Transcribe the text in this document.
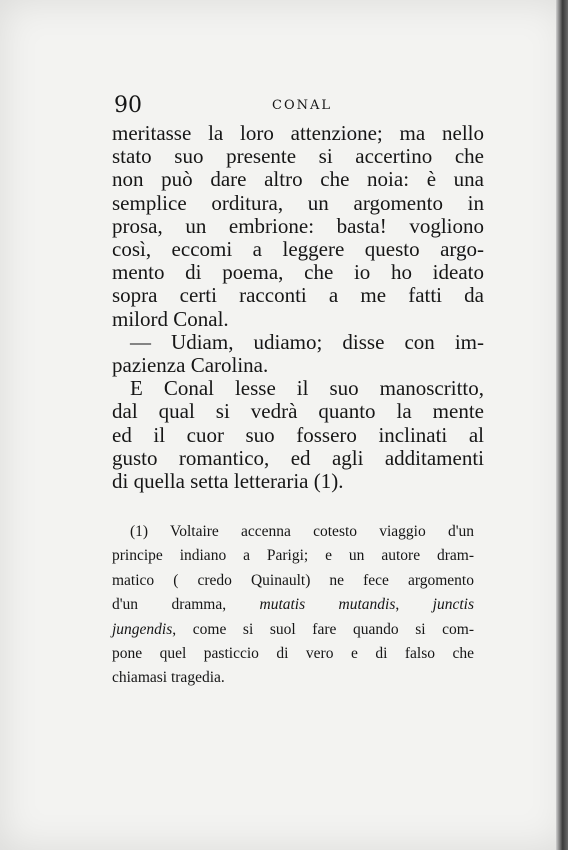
90	CONAL
meritasse la loro attenzione; ma nello
stato suo presente si accertino che
non può dare altro che noia: è una
semplice orditura, un argomento in
prosa, un embrione: basta! vogliono
così, eccomi a leggere questo argo-
mento di poema, che io ho ideato
sopra certi racconti a me fatti da
milord Conal.
— Udiam, udiamo; disse con im-
pazienza Carolina.
E Conal lesse il suo manoscritto,
dal qual si vedrà quanto la mente
ed il cuor suo fossero inclinati al
gusto romantico, ed agli additamenti
di quella setta letteraria (1).
(1) Voltaire accenna cotesto viaggio d'un
principe indiano a Parigi; e un autore dram-
matico ( credo Quinault) ne fece argomento
d'un dramma, mutatis mutandis, junctis
jungendis, come si suol fare quando si com-
pone quel pasticcio di vero e di falso che
chiamasi tragedia.
